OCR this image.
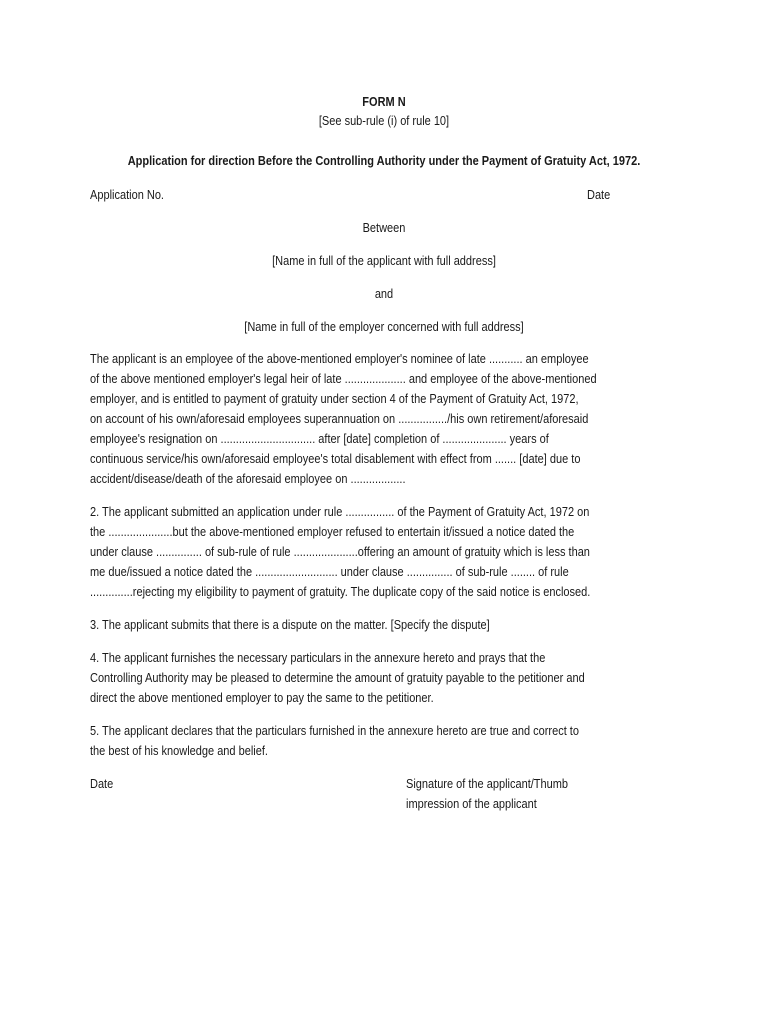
FORM N
[See sub-rule (i) of rule 10]
Application for direction Before the Controlling Authority under the Payment of Gratuity Act, 1972.
Application No.	Date
Between
[Name in full of the applicant with full address]
and
[Name in full of the employer concerned with full address]
The applicant is an employee of the above-mentioned employer's nominee of late ........... an employee
of the above mentioned employer's legal heir of late .................... and employee of the above-mentioned
employer, and is entitled to payment of gratuity under section 4 of the Payment of Gratuity Act, 1972,
on account of his own/aforesaid employees superannuation on ................/his own retirement/aforesaid
employee's resignation on ............................... after [date] completion of ..................... years of
continuous service/his own/aforesaid employee's total disablement with effect from ....... [date] due to
accident/disease/death of the aforesaid employee on ..................
2. The applicant submitted an application under rule ................ of the Payment of Gratuity Act, 1972 on
the .....................but the above-mentioned employer refused to entertain it/issued a notice dated the
under clause ............... of sub-rule of rule .....................offering an amount of gratuity which is less than
me due/issued a notice dated the ........................... under clause ............... of sub-rule ........ of rule
..............rejecting my eligibility to payment of gratuity. The duplicate copy of the said notice is enclosed.
3. The applicant submits that there is a dispute on the matter. [Specify the dispute]
4. The applicant furnishes the necessary particulars in the annexure hereto and prays that the
Controlling Authority may be pleased to determine the amount of gratuity payable to the petitioner and
direct the above mentioned employer to pay the same to the petitioner.
5. The applicant declares that the particulars furnished in the annexure hereto are true and correct to
the best of his knowledge and belief.
Date	Signature of the applicant/Thumb
impression of the applicant
